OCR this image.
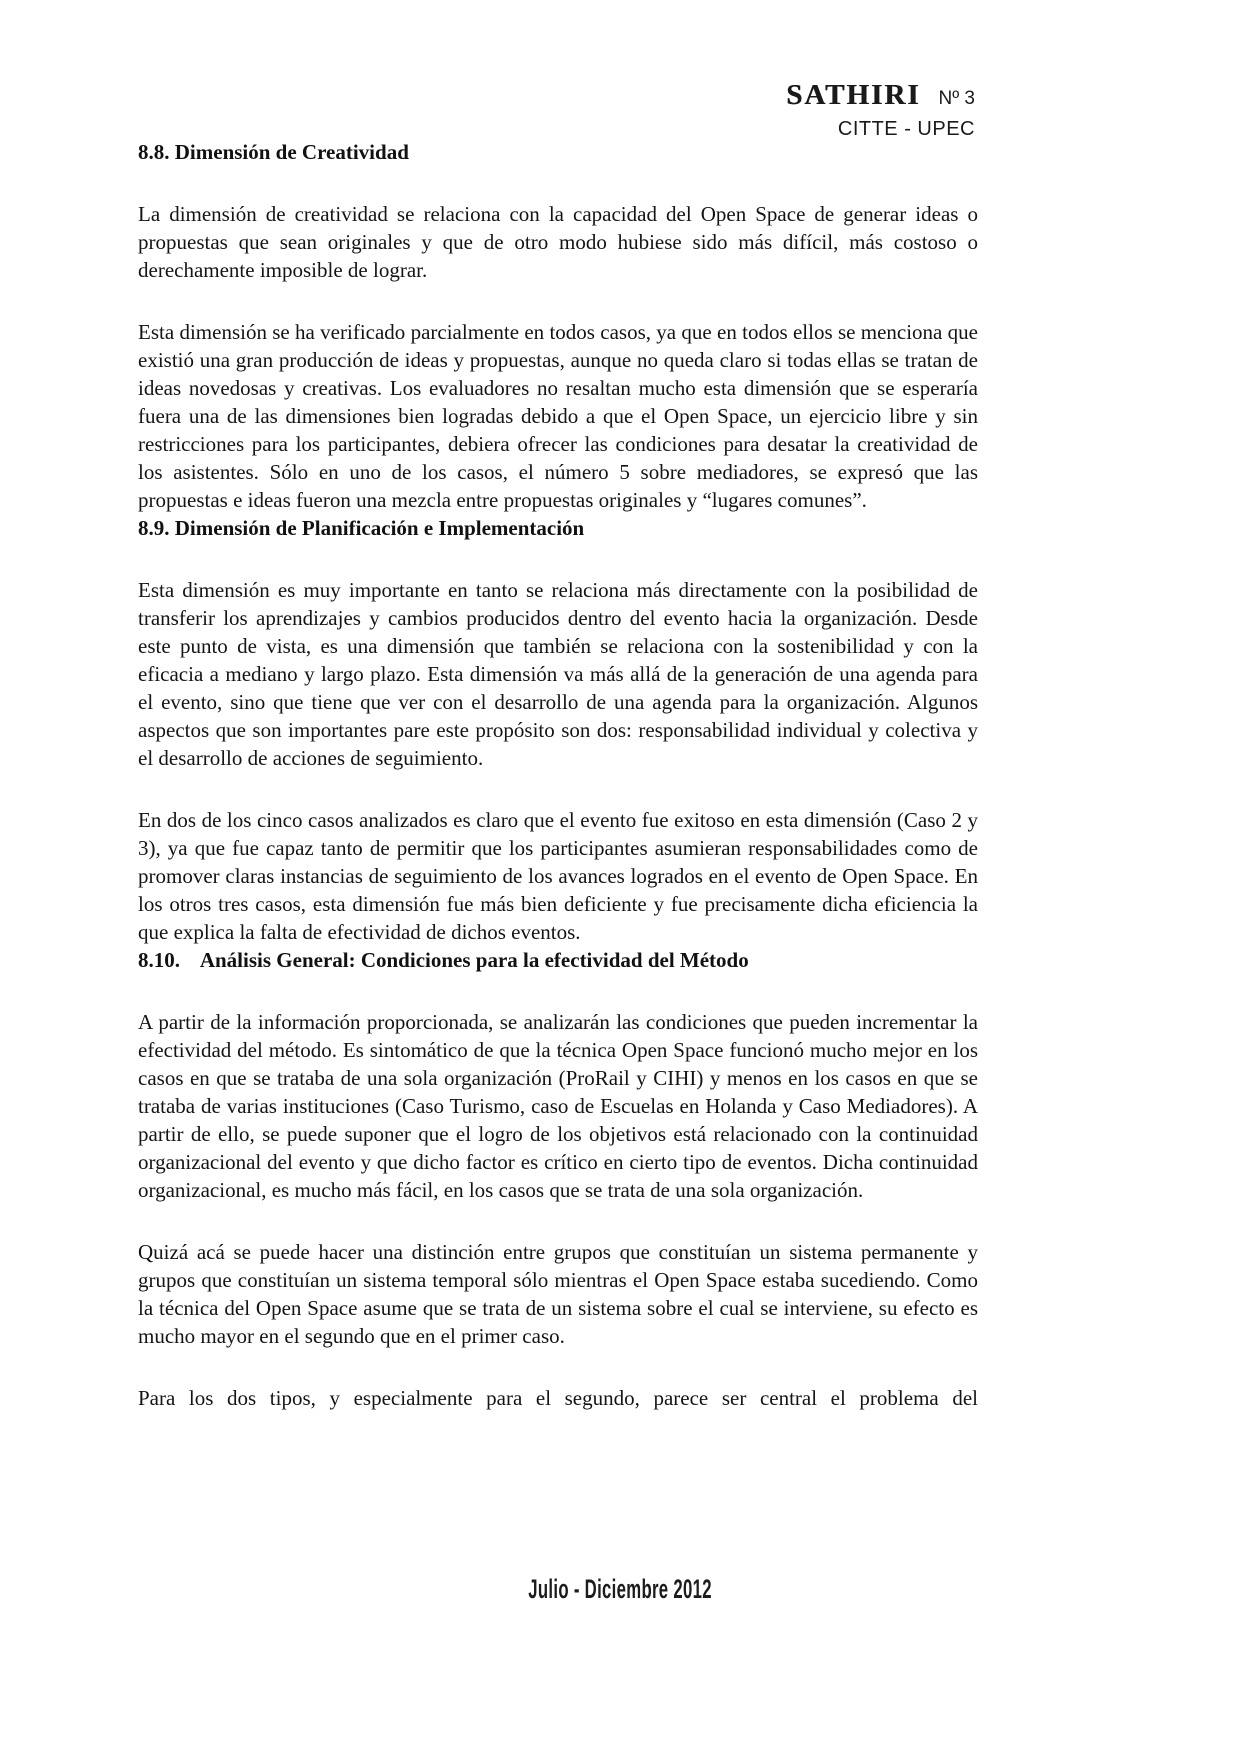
SATHIRI Nº 3
CITTE - UPEC
8.8. Dimensión de Creatividad

La dimensión de creatividad se relaciona con la capacidad del Open Space de generar ideas o propuestas que sean originales y que de otro modo hubiese sido más difícil, más costoso o derechamente imposible de lograr.

Esta dimensión se ha verificado parcialmente en todos casos, ya que en todos ellos se menciona que existió una gran producción de ideas y propuestas, aunque no queda claro si todas ellas se tratan de ideas novedosas y creativas. Los evaluadores no resaltan mucho esta dimensión que se esperaría fuera una de las dimensiones bien logradas debido a que el Open Space, un ejercicio libre y sin restricciones para los participantes, debiera ofrecer las condiciones para desatar la creatividad de los asistentes. Sólo en uno de los casos, el número 5 sobre mediadores, se expresó que las propuestas e ideas fueron una mezcla entre propuestas originales y “lugares comunes”.

8.9. Dimensión de Planificación e Implementación

Esta dimensión es muy importante en tanto se relaciona más directamente con la posibilidad de transferir los aprendizajes y cambios producidos dentro del evento hacia la organización. Desde este punto de vista, es una dimensión que también se relaciona con la sostenibilidad y con la eficacia a mediano y largo plazo. Esta dimensión va más allá de la generación de una agenda para el evento, sino que tiene que ver con el desarrollo de una agenda para la organización. Algunos aspectos que son importantes pare este propósito son dos: responsabilidad individual y colectiva y el desarrollo de acciones de seguimiento.

En dos de los cinco casos analizados es claro que el evento fue exitoso en esta dimensión (Caso 2 y 3), ya que fue capaz tanto de permitir que los participantes asumieran responsabilidades como de promover claras instancias de seguimiento de los avances logrados en el evento de Open Space. En los otros tres casos, esta dimensión fue más bien deficiente y fue precisamente dicha eficiencia la que explica la falta de efectividad de dichos eventos.

8.10.    Análisis General: Condiciones para la efectividad del Método

A partir de la información proporcionada, se analizarán las condiciones que pueden incrementar la efectividad del método. Es sintomático de que la técnica Open Space funcionó mucho mejor en los casos en que se trataba de una sola organización (ProRail y CIHI) y menos en los casos en que se trataba de varias instituciones (Caso Turismo, caso de Escuelas en Holanda y Caso Mediadores). A partir de ello, se puede suponer que el logro de los objetivos está relacionado con la continuidad organizacional del evento y que dicho factor es crítico en cierto tipo de eventos. Dicha continuidad organizacional, es mucho más fácil, en los casos que se trata de una sola organización.

Quizá acá se puede hacer una distinción entre grupos que constituían un sistema permanente y grupos que constituían un sistema temporal sólo mientras el Open Space estaba sucediendo. Como la técnica del Open Space asume que se trata de un sistema sobre el cual se interviene, su efecto es mucho mayor en el segundo que en el primer caso.

Para los dos tipos, y especialmente para el segundo, parece ser central el problema del

Julio - Diciembre 2012
